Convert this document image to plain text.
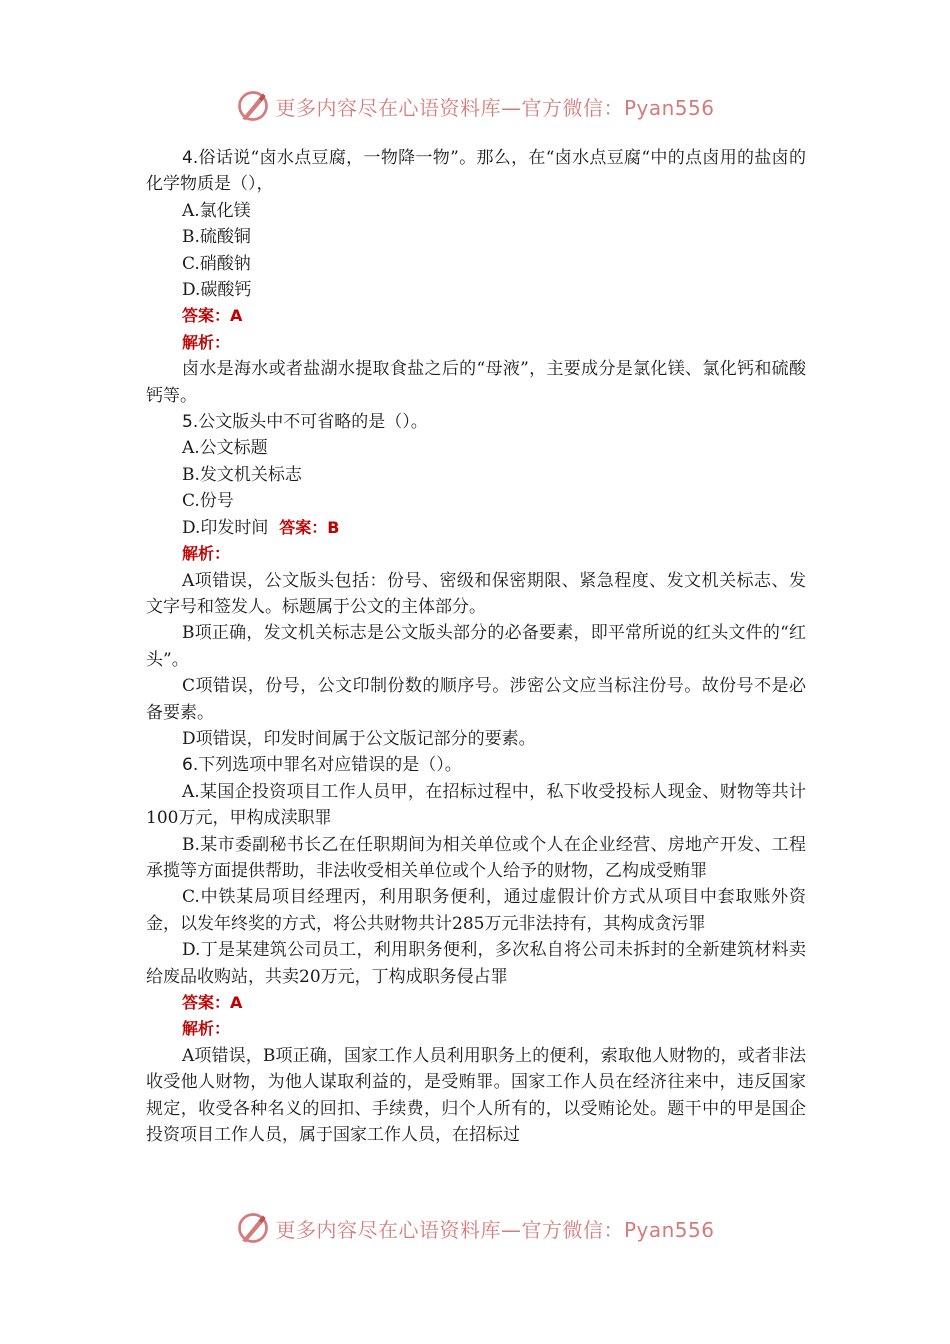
更多内容尽在心语资料库—官方微信：Pyan556

4.俗话说“卤水点豆腐，一物降一物”。那么，在“卤水点豆腐“中的点卤用的盐卤的化学物质是（），

A.氯化镁

B.硫酸铜

C.硝酸钠

D.碳酸钙

答案：A

解析：

卤水是海水或者盐湖水提取食盐之后的“母液”，主要成分是氯化镁、氯化钙和硫酸钙等。

5.公文版头中不可省略的是（）。

A.公文标题

B.发文机关标志

C.份号

D.印发时间 答案：B

解析：

A项错误，公文版头包括：份号、密级和保密期限、紧急程度、发文机关标志、发文字号和签发人。标题属于公文的主体部分。

B项正确，发文机关标志是公文版头部分的必备要素，即平常所说的红头文件的“红头”。

C项错误，份号，公文印制份数的顺序号。涉密公文应当标注份号。故份号不是必备要素。

D项错误，印发时间属于公文版记部分的要素。

6.下列选项中罪名对应错误的是（）。

A.某国企投资项目工作人员甲，在招标过程中，私下收受投标人现金、财物等共计100万元，甲构成渎职罪

B.某市委副秘书长乙在任职期间为相关单位或个人在企业经营、房地产开发、工程承揽等方面提供帮助，非法收受相关单位或个人给予的财物，乙构成受贿罪

C.中铁某局项目经理丙，利用职务便利，通过虚假计价方式从项目中套取账外资金，以发年终奖的方式，将公共财物共计285万元非法持有，其构成贪污罪

D.丁是某建筑公司员工，利用职务便利，多次私自将公司未拆封的全新建筑材料卖给废品收购站，共卖20万元，丁构成职务侵占罪

答案：A

解析：

A项错误，B项正确，国家工作人员利用职务上的便利，索取他人财物的，或者非法收受他人财物，为他人谋取利益的，是受贿罪。国家工作人员在经济往来中，违反国家规定，收受各种名义的回扣、手续费，归个人所有的，以受贿论处。题干中的甲是国企投资项目工作人员，属于国家工作人员，在招标过

更多内容尽在心语资料库—官方微信：Pyan556
